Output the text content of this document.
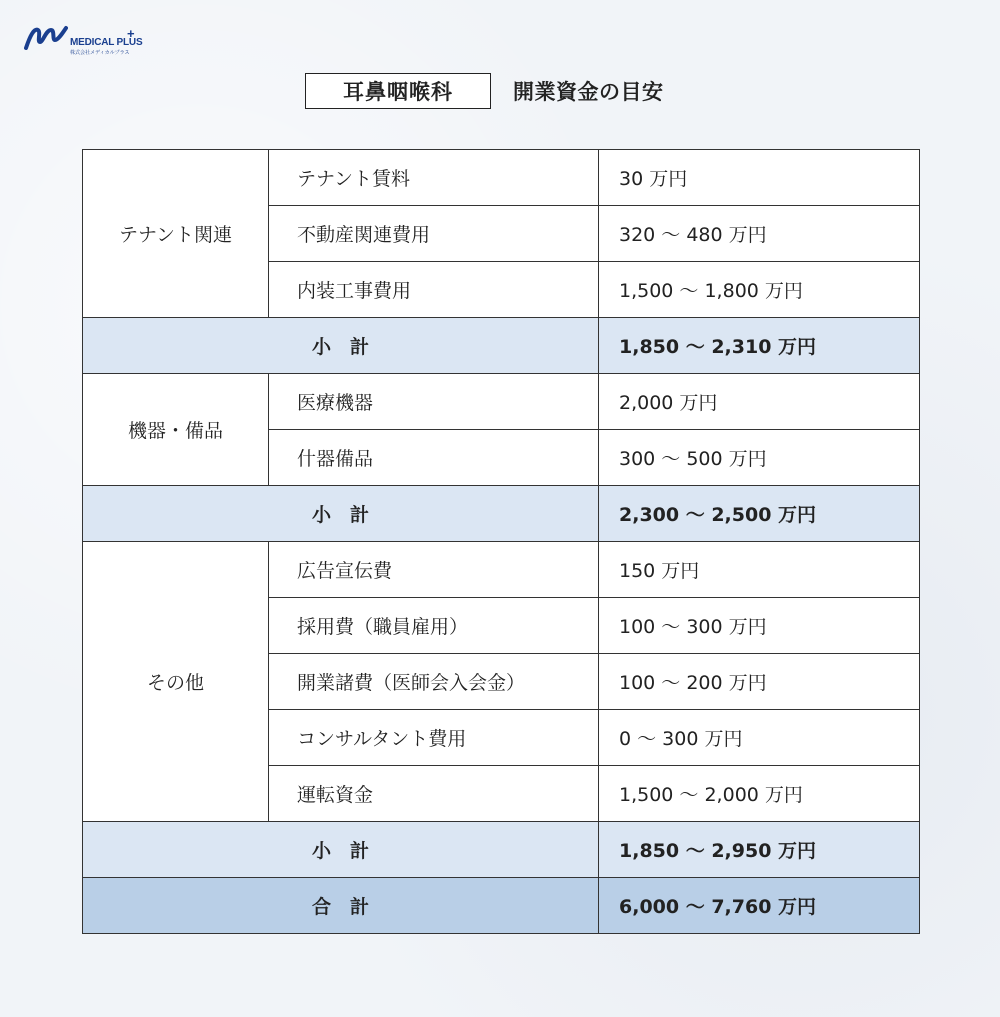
MEDICAL PLUS
+
株式会社メディカルプラス
耳鼻咽喉科	開業資金の目安
テナント関連	テナント賃料	30 万円
	不動産関連費用	320 ～ 480 万円
	内装工事費用	1,500 ～ 1,800 万円
小　計		1,850 ～ 2,310 万円
機器・備品	医療機器	2,000 万円
	什器備品	300 ～ 500 万円
小　計		2,300 ～ 2,500 万円
その他	広告宣伝費	150 万円
	採用費（職員雇用）	100 ～ 300 万円
	開業諸費（医師会入会金）	100 ～ 200 万円
	コンサルタント費用	0 ～ 300 万円
	運転資金	1,500 ～ 2,000 万円
小　計		1,850 ～ 2,950 万円
合　計		6,000 ～ 7,760 万円
